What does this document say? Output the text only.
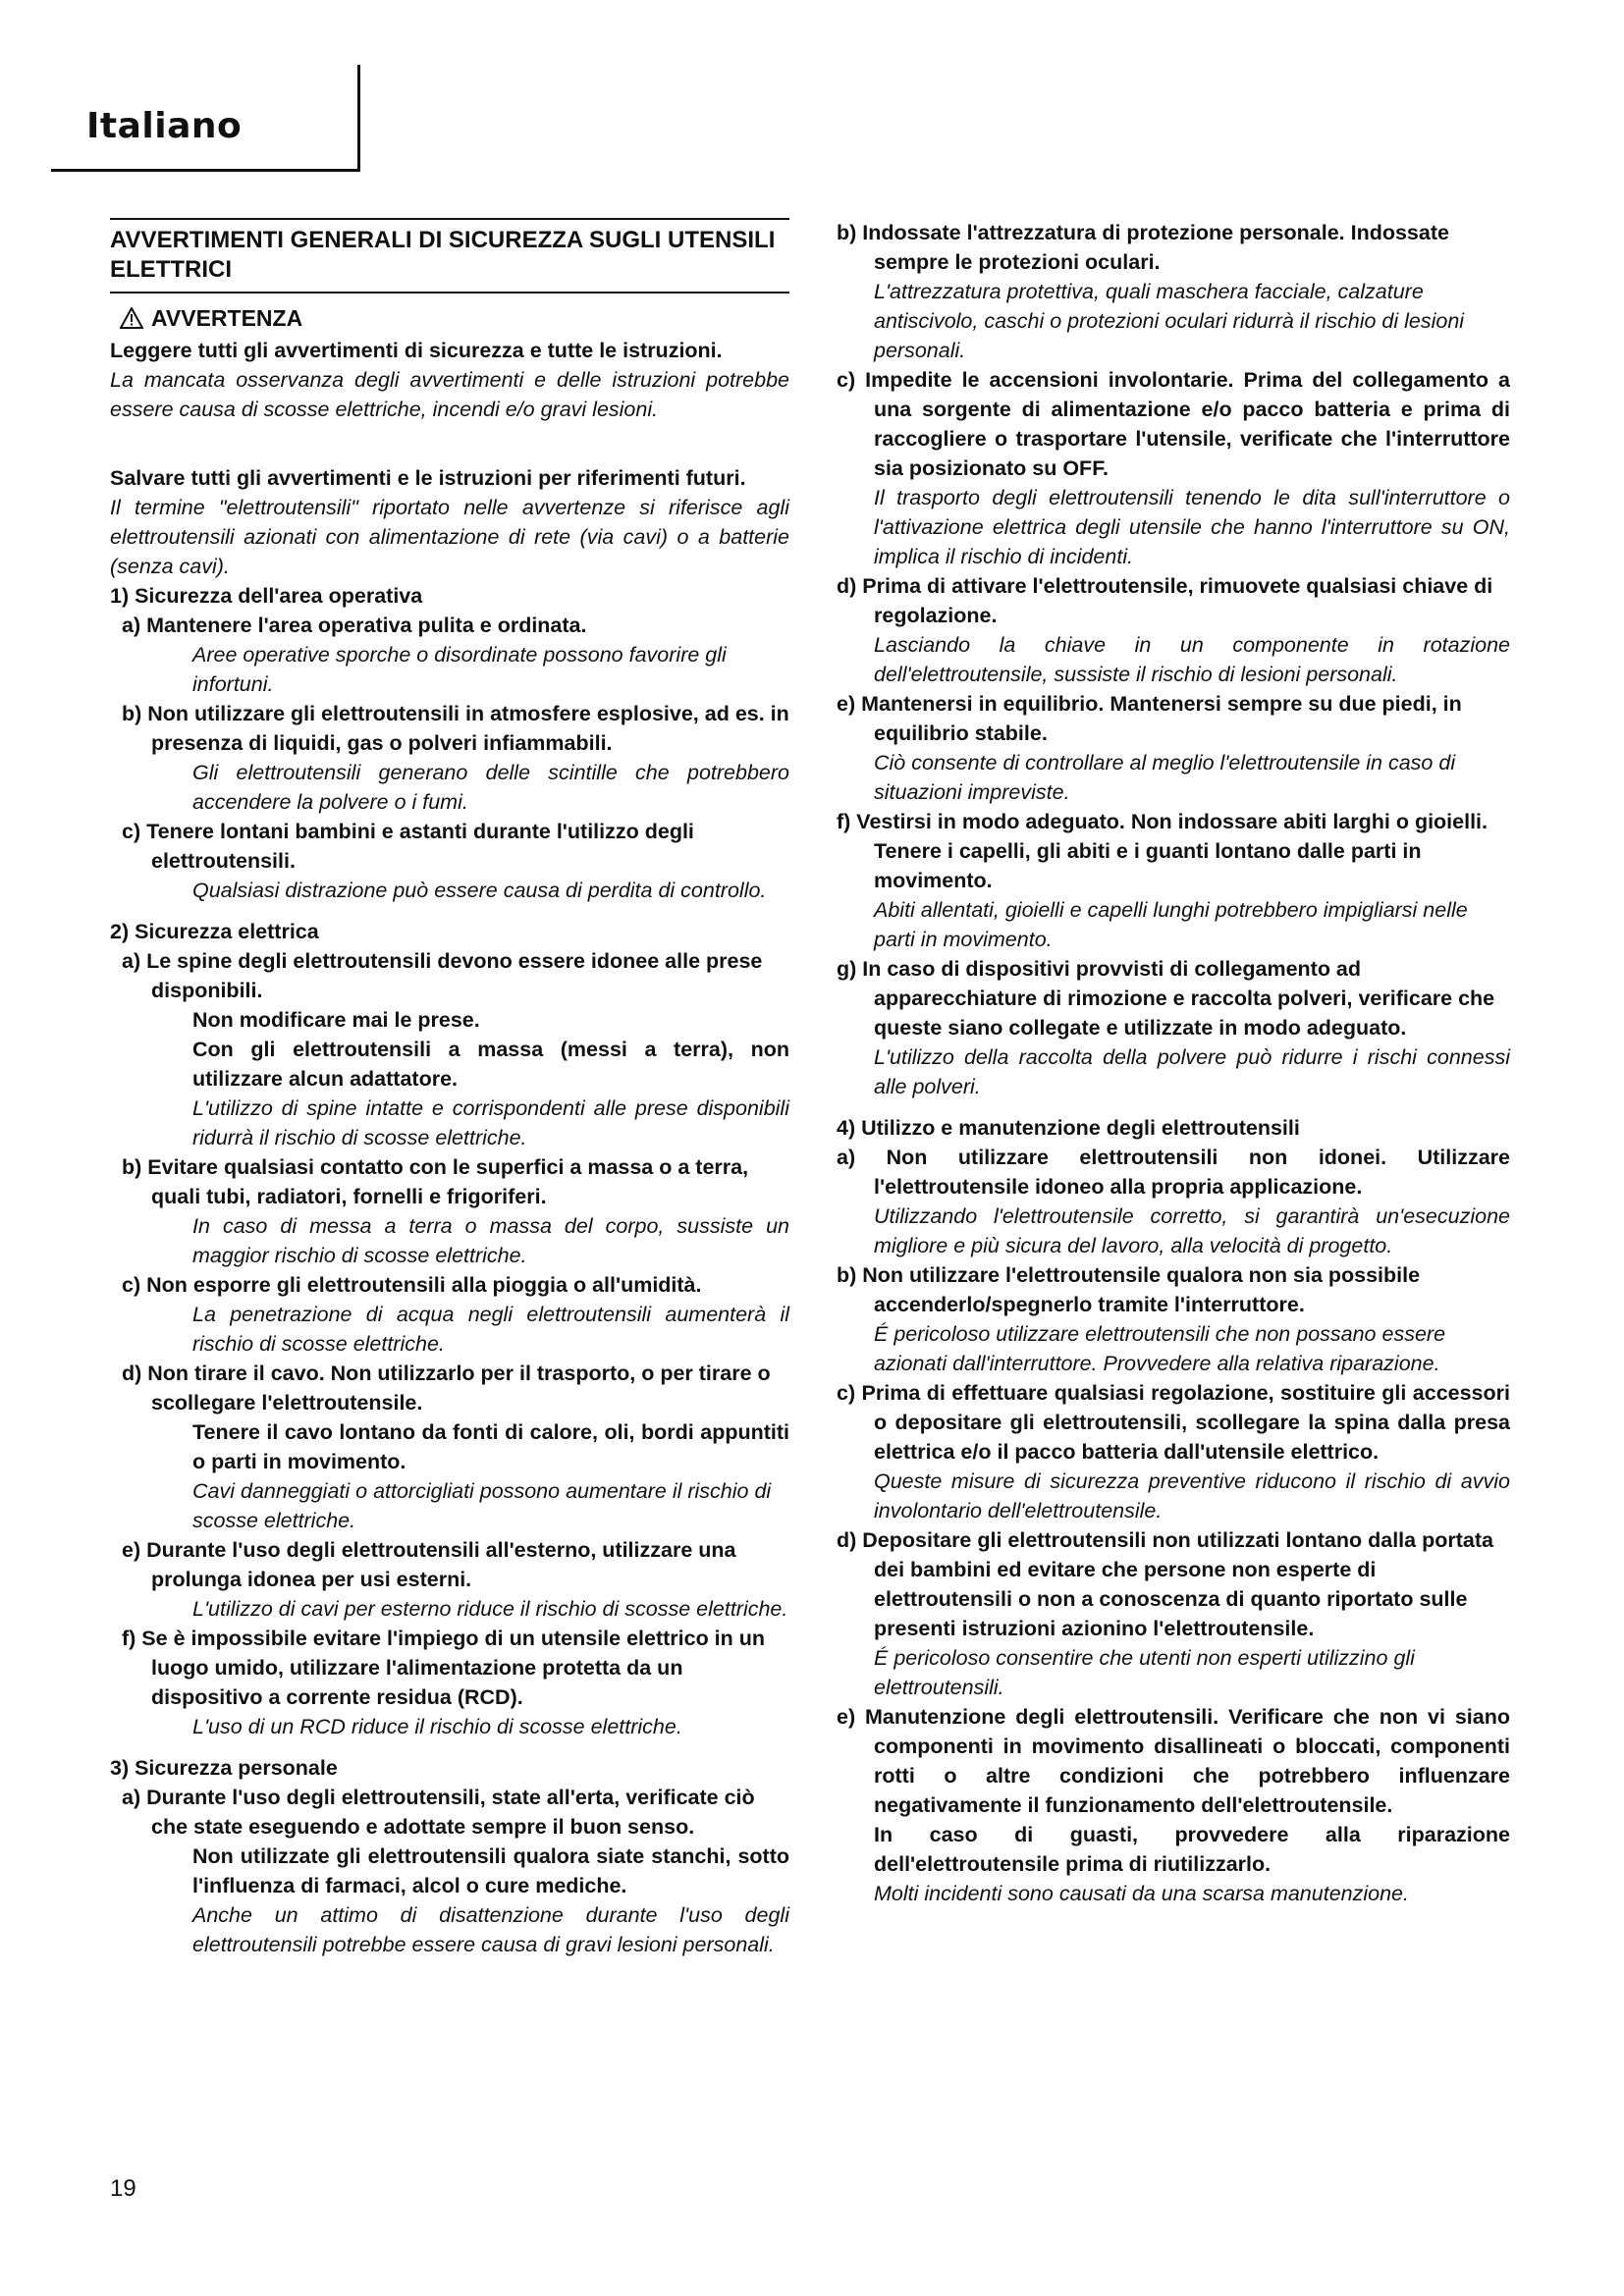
Italiano
AVVERTIMENTI GENERALI DI SICUREZZA SUGLI UTENSILI ELETTRICI
AVVERTENZA

Leggere tutti gli avvertimenti di sicurezza e tutte le istruzioni.

La mancata osservanza degli avvertimenti e delle istruzioni potrebbe essere causa di scosse elettriche, incendi e/o gravi lesioni.

Salvare tutti gli avvertimenti e le istruzioni per riferimenti futuri.

Il termine "elettroutensili" riportato nelle avvertenze si riferisce agli elettroutensili azionati con alimentazione di rete (via cavi) o a batterie (senza cavi).

1) Sicurezza dell'area operativa

a) Mantenere l'area operativa pulita e ordinata.

Aree operative sporche o disordinate possono favorire gli infortuni.

b) Non utilizzare gli elettroutensili in atmosfere esplosive, ad es. in presenza di liquidi, gas o polveri infiammabili.

Gli elettroutensili generano delle scintille che potrebbero accendere la polvere o i fumi.

c) Tenere lontani bambini e astanti durante l'utilizzo degli elettroutensili.

Qualsiasi distrazione può essere causa di perdita di controllo.

2) Sicurezza elettrica

a) Le spine degli elettroutensili devono essere idonee alle prese disponibili.

Non modificare mai le prese.

Con gli elettroutensili a massa (messi a terra), non utilizzare alcun adattatore.

L'utilizzo di spine intatte e corrispondenti alle prese disponibili ridurrà il rischio di scosse elettriche.

b) Evitare qualsiasi contatto con le superfici a massa o a terra, quali tubi, radiatori, fornelli e frigoriferi.

In caso di messa a terra o massa del corpo, sussiste un maggior rischio di scosse elettriche.

c) Non esporre gli elettroutensili alla pioggia o all'umidità.

La penetrazione di acqua negli elettroutensili aumenterà il rischio di scosse elettriche.

d) Non tirare il cavo. Non utilizzarlo per il trasporto, o per tirare o scollegare l'elettroutensile.

Tenere il cavo lontano da fonti di calore, oli, bordi appuntiti o parti in movimento.

Cavi danneggiati o attorcigliati possono aumentare il rischio di scosse elettriche.

e) Durante l'uso degli elettroutensili all'esterno, utilizzare una prolunga idonea per usi esterni.

L'utilizzo di cavi per esterno riduce il rischio di scosse elettriche.

f) Se è impossibile evitare l'impiego di un utensile elettrico in un luogo umido, utilizzare l'alimentazione protetta da un dispositivo a corrente residua (RCD).

L'uso di un RCD riduce il rischio di scosse elettriche.

3) Sicurezza personale

a) Durante l'uso degli elettroutensili, state all'erta, verificate ciò che state eseguendo e adottate sempre il buon senso.

Non utilizzate gli elettroutensili qualora siate stanchi, sotto l'influenza di farmaci, alcol o cure mediche.

Anche un attimo di disattenzione durante l'uso degli elettroutensili potrebbe essere causa di gravi lesioni personali.

b) Indossate l'attrezzatura di protezione personale. Indossate sempre le protezioni oculari.

L'attrezzatura protettiva, quali maschera facciale, calzature antiscivolo, caschi o protezioni oculari ridurrà il rischio di lesioni personali.

c) Impedite le accensioni involontarie. Prima del collegamento a una sorgente di alimentazione e/o pacco batteria e prima di raccogliere o trasportare l'utensile, verificate che l'interruttore sia posizionato su OFF.

Il trasporto degli elettroutensili tenendo le dita sull'interruttore o l'attivazione elettrica degli utensile che hanno l'interruttore su ON, implica il rischio di incidenti.

d) Prima di attivare l'elettroutensile, rimuovete qualsiasi chiave di regolazione.

Lasciando la chiave in un componente in rotazione dell'elettroutensile, sussiste il rischio di lesioni personali.

e) Mantenersi in equilibrio. Mantenersi sempre su due piedi, in equilibrio stabile.

Ciò consente di controllare al meglio l'elettroutensile in caso di situazioni impreviste.

f) Vestirsi in modo adeguato. Non indossare abiti larghi o gioielli. Tenere i capelli, gli abiti e i guanti lontano dalle parti in movimento.

Abiti allentati, gioielli e capelli lunghi potrebbero impigliarsi nelle parti in movimento.

g) In caso di dispositivi provvisti di collegamento ad apparecchiature di rimozione e raccolta polveri, verificare che queste siano collegate e utilizzate in modo adeguato.

L'utilizzo della raccolta della polvere può ridurre i rischi connessi alle polveri.

4) Utilizzo e manutenzione degli elettroutensili

a) Non utilizzare elettroutensili non idonei. Utilizzare l'elettroutensile idoneo alla propria applicazione.

Utilizzando l'elettroutensile corretto, si garantirà un'esecuzione migliore e più sicura del lavoro, alla velocità di progetto.

b) Non utilizzare l'elettroutensile qualora non sia possibile accenderlo/spegnerlo tramite l'interruttore.

É pericoloso utilizzare elettroutensili che non possano essere azionati dall'interruttore. Provvedere alla relativa riparazione.

c) Prima di effettuare qualsiasi regolazione, sostituire gli accessori o depositare gli elettroutensili, scollegare la spina dalla presa elettrica e/o il pacco batteria dall'utensile elettrico.

Queste misure di sicurezza preventive riducono il rischio di avvio involontario dell'elettroutensile.

d) Depositare gli elettroutensili non utilizzati lontano dalla portata dei bambini ed evitare che persone non esperte di elettroutensili o non a conoscenza di quanto riportato sulle presenti istruzioni azionino l'elettroutensile.

É pericoloso consentire che utenti non esperti utilizzino gli elettroutensili.

e) Manutenzione degli elettroutensili. Verificare che non vi siano componenti in movimento disallineati o bloccati, componenti rotti o altre condizioni che potrebbero influenzare negativamente il funzionamento dell'elettroutensile.

In caso di guasti, provvedere alla riparazione dell'elettroutensile prima di riutilizzarlo.

Molti incidenti sono causati da una scarsa manutenzione.

19
